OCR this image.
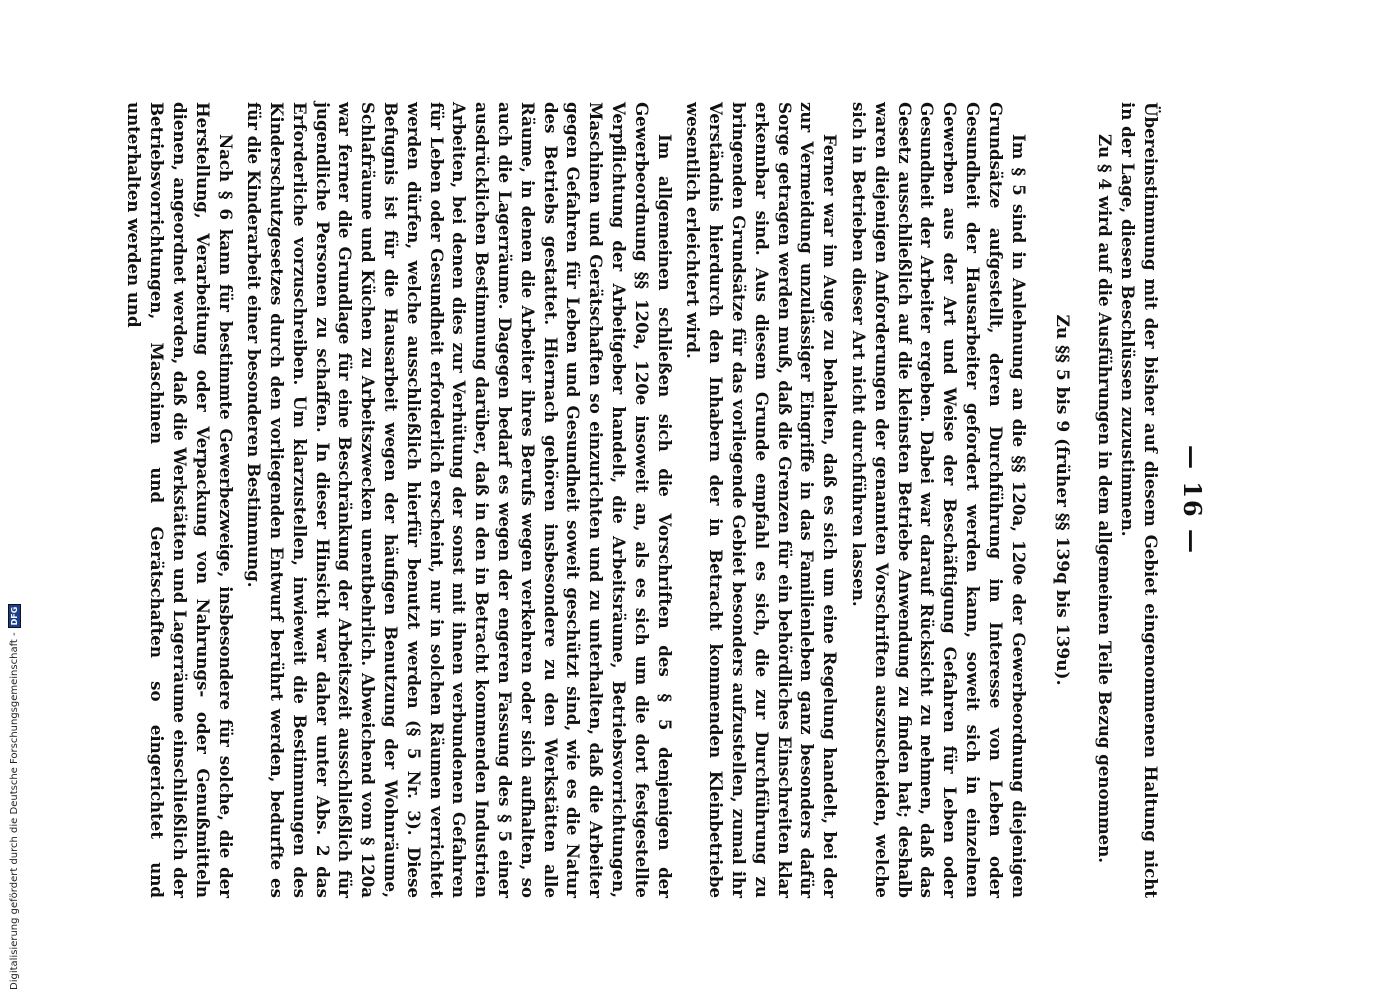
— 16 —

Übereinstimmung mit der bisher auf diesem Gebiet eingenommenen Haltung nicht in der Lage, diesen Beschlüssen zuzustimmen.

Zu § 4 wird auf die Ausführungen in dem allgemeinen Teile Bezug genommen.

Zu §§ 5 bis 9 (früher §§ 139q bis 139u).

Im § 5 sind in Anlehnung an die §§ 120a, 120e der Gewerbeordnung diejenigen Grundsätze aufgestellt, deren Durchführung im Interesse von Leben oder Gesundheit der Hausarbeiter gefordert werden kann, soweit sich in einzelnen Gewerben aus der Art und Weise der Beschäftigung Gefahren für Leben oder Gesundheit der Arbeiter ergeben. Dabei war darauf Rücksicht zu nehmen, daß das Gesetz ausschließlich auf die kleinsten Betriebe Anwendung zu finden hat; deshalb waren diejenigen Anforderungen der genannten Vorschriften auszuscheiden, welche sich in Betrieben dieser Art nicht durchführen lassen.

Ferner war im Auge zu behalten, daß es sich um eine Regelung handelt, bei der zur Vermeidung unzulässiger Eingriffe in das Familienleben ganz besonders dafür Sorge getragen werden muß, daß die Grenzen für ein behördliches Einschreiten klar erkennbar sind. Aus diesem Grunde empfahl es sich, die zur Durchführung zu bringenden Grundsätze für das vorliegende Gebiet besonders aufzustellen, zumal ihr Verständnis hierdurch den Inhabern der in Betracht kommenden Kleinbetriebe wesentlich erleichtert wird.

Im allgemeinen schließen sich die Vorschriften des § 5 denjenigen der Gewerbeordnung §§ 120a, 120e insoweit an, als es sich um die dort festgestellte Verpflichtung der Arbeitgeber handelt, die Arbeitsräume, Betriebsvorrichtungen, Maschinen und Gerätschaften so einzurichten und zu unterhalten, daß die Arbeiter gegen Gefahren für Leben und Gesundheit soweit geschützt sind, wie es die Natur des Betriebs gestattet. Hiernach gehören insbesondere zu den Werkstätten alle Räume, in denen die Arbeiter ihres Berufs wegen verkehren oder sich aufhalten, so auch die Lagerräume. Dagegen bedarf es wegen der engeren Fassung des § 5 einer ausdrücklichen Bestimmung darüber, daß in den in Betracht kommenden Industrien Arbeiten, bei denen dies zur Verhütung der sonst mit ihnen verbundenen Gefahren für Leben oder Gesundheit erforderlich erscheint, nur in solchen Räumen verrichtet werden dürfen, welche ausschließlich hierfür benutzt werden (§ 5 Nr. 3). Diese Befugnis ist für die Hausarbeit wegen der häufigen Benutzung der Wohnräume, Schlafräume und Küchen zu Arbeitszwecken unentbehrlich. Abweichend vom § 120a war ferner die Grundlage für eine Beschränkung der Arbeitszeit ausschließlich für jugendliche Personen zu schaffen. In dieser Hinsicht war daher unter Abs. 2 das Erforderliche vorzuschreiben. Um klarzustellen, inwieweit die Bestimmungen des Kinderschutzgesetzes durch den vorliegenden Entwurf berührt werden, bedurfte es für die Kinderarbeit einer besonderen Bestimmung.

Nach § 6 kann für bestimmte Gewerbezweige, insbesondere für solche, die der Herstellung, Verarbeitung oder Verpackung von Nahrungs- oder Genußmitteln dienen, angeordnet werden, daß die Werkstätten und Lagerräume einschließlich der Betriebsvorrichtungen, Maschinen und Gerätschaften so eingerichtet und unterhalten werden und

Digitalisierung gefördert durch die Deutsche Forschungsgemeinschaft -
DFG
